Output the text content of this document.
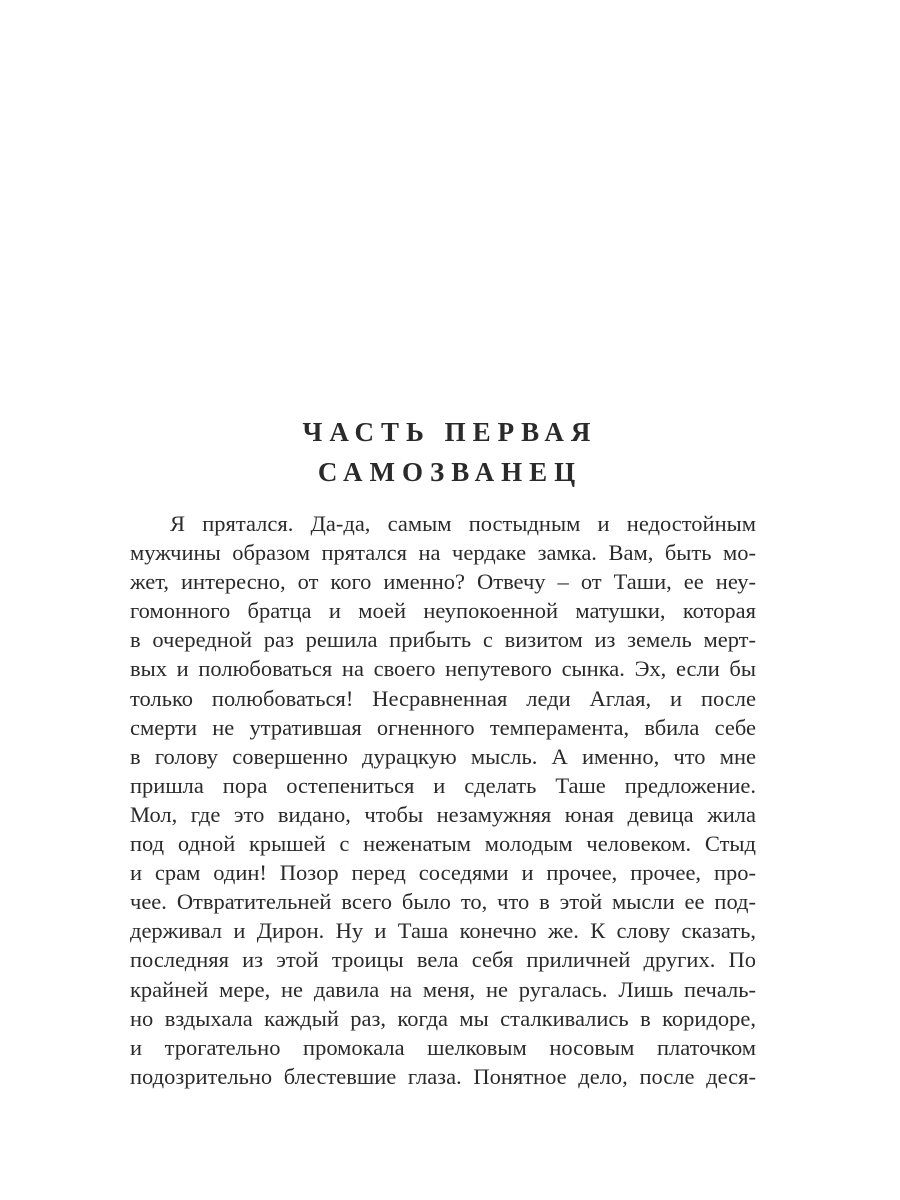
ЧАСТЬ ПЕРВАЯ
САМОЗВАНЕЦ
Я прятался. Да-да, самым постыдным и недостойным
мужчины образом прятался на чердаке замка. Вам, быть мо-
жет, интересно, от кого именно? Отвечу – от Таши, ее неу-
гомонного братца и моей неупокоенной матушки, которая
в очередной раз решила прибыть с визитом из земель мерт-
вых и полюбоваться на своего непутевого сынка. Эх, если бы
только полюбоваться! Несравненная леди Аглая, и после
смерти не утратившая огненного темперамента, вбила себе
в голову совершенно дурацкую мысль. А именно, что мне
пришла пора остепениться и сделать Таше предложение.
Мол, где это видано, чтобы незамужняя юная девица жила
под одной крышей с неженатым молодым человеком. Стыд
и срам один! Позор перед соседями и прочее, прочее, про-
чее. Отвратительней всего было то, что в этой мысли ее под-
держивал и Дирон. Ну и Таша конечно же. К слову сказать,
последняя из этой троицы вела себя приличней других. По
крайней мере, не давила на меня, не ругалась. Лишь печаль-
но вздыхала каждый раз, когда мы сталкивались в коридоре,
и трогательно промокала шелковым носовым платочком
подозрительно блестевшие глаза. Понятное дело, после деся-
